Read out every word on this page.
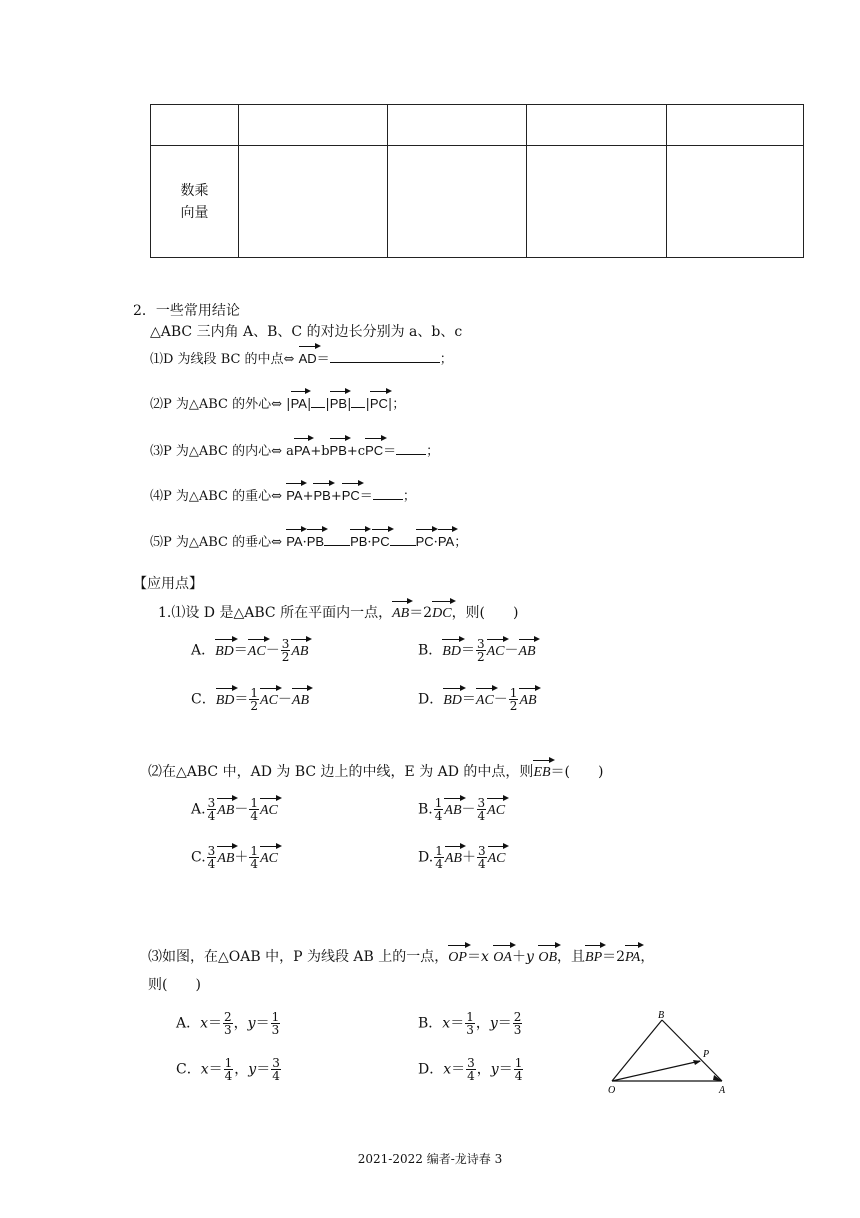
数乘
向量				
2．一些常用结论
△ABC 三内角 A、B、C 的对边长分别为 a、b、c
⑴D 为线段 BC 的中点⇔ AD＝	；
⑵P 为△ABC 的外心⇔ |PA| |PB| |PC|；
⑶P 为△ABC 的内心⇔ aPA+bPB+cPC＝ ；
⑷P 为△ABC 的重心⇔ PA+PB+PC＝ ；
⑸P 为△ABC 的垂心⇔ PA·PB PB·PC PC·PA；
【应用点】
1.⑴设 D 是△ABC 所在平面内一点，AB＝2DC，则(　　)
A．$BD=AC- \frac{3}{2}$ AB	B．$BD= \frac{3}{2} AC-AB$
C．$BD= \frac{1}{2} AC-AB$	D．$BD=AC- \frac{1}{2}$ AB
⑵在△ABC 中，AD 为 BC 边上的中线，E 为 AD 的中点，则EB＝(　　)
A. $\frac{3}{4} AB- \frac{1}{4}$ AC	B. $\frac{1}{4} AB- \frac{3}{4}$ AC
C. $\frac{3}{4} AB+ \frac{1}{4}$ AC	D. $\frac{1}{4} AB+ \frac{3}{4}$ AC
⑶如图，在△OAB 中，P 为线段 AB 上的一点，OP＝x OA＋y OB，且BP＝2PA，
则(　　)
A．$x= \frac{2}{3}$ ，$y= \frac{1}{3}$	B．$x= \frac{1}{3}$ ，$y= \frac{2}{3}$
C．$x= \frac{1}{4}$ ，$y= \frac{3}{4}$	D．$x= \frac{3}{4}$ ，$y= \frac{1}{4}$
B
P
O	A
2021-2022 编者-龙诗春 3
